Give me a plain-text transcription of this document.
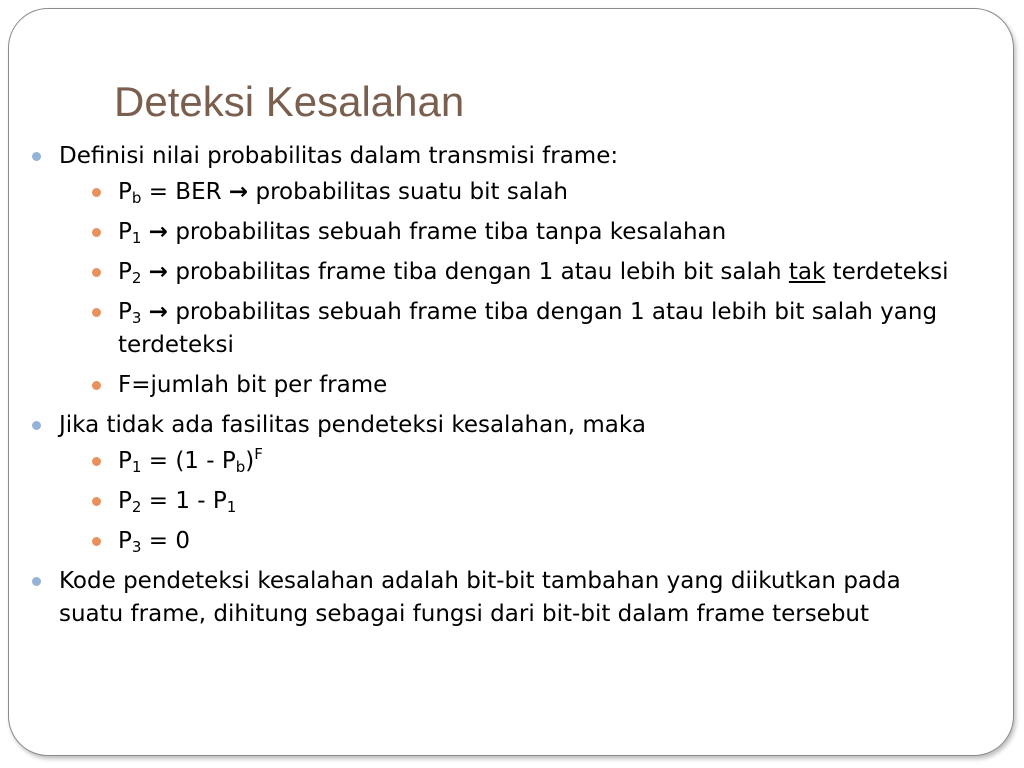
Deteksi Kesalahan
Definisi nilai probabilitas dalam transmisi frame:
$P_b$ = BER → probabilitas suatu bit salah
$P_1$ → probabilitas sebuah frame tiba tanpa kesalahan
$P_2$ → probabilitas frame tiba dengan 1 atau lebih bit salah tak terdeteksi
$P_3$ → probabilitas sebuah frame tiba dengan 1 atau lebih bit salah yang terdeteksi
F=jumlah bit per frame
Jika tidak ada fasilitas pendeteksi kesalahan, maka
$P_1 = (1 - P_b)^F$
$P_2 = 1 - P_1$
$P_3 = 0$
Kode pendeteksi kesalahan adalah bit-bit tambahan yang diikutkan pada suatu frame, dihitung sebagai fungsi dari bit-bit dalam frame tersebut
